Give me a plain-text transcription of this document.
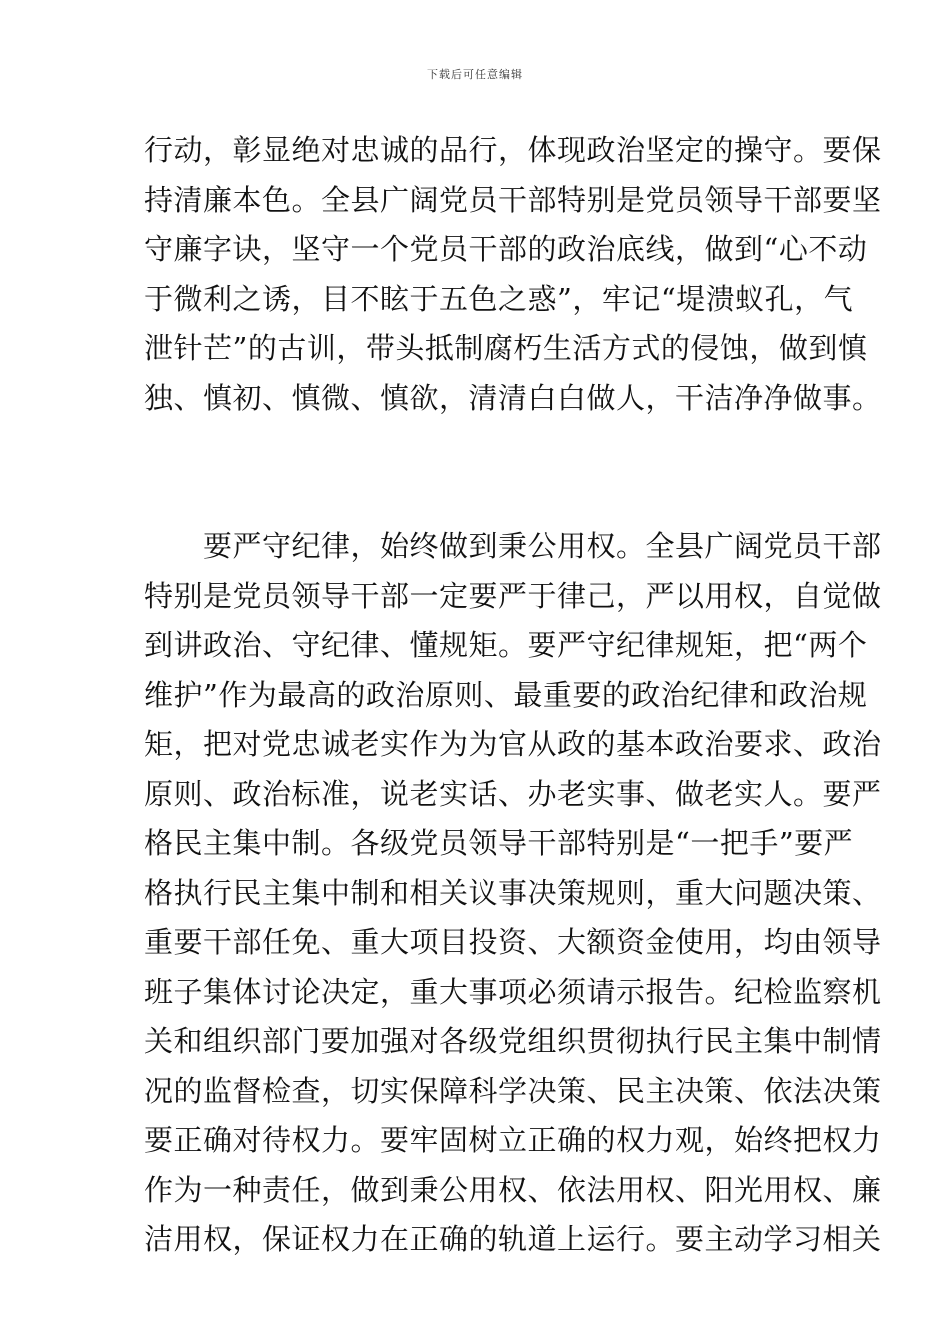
下载后可任意编辑
行动，彰显绝对忠诚的品行，体现政治坚定的操守。要保
持清廉本色。全县广阔党员干部特别是党员领导干部要坚
守廉字诀，坚守一个党员干部的政治底线，做到“心不动
于微利之诱，目不眩于五色之惑”，牢记“堤溃蚁孔，气
泄针芒”的古训，带头抵制腐朽生活方式的侵蚀，做到慎
独、慎初、慎微、慎欲，清清白白做人，干洁净净做事。
　　要严守纪律，始终做到秉公用权。全县广阔党员干部
特别是党员领导干部一定要严于律己，严以用权，自觉做
到讲政治、守纪律、懂规矩。要严守纪律规矩，把“两个
维护”作为最高的政治原则、最重要的政治纪律和政治规
矩，把对党忠诚老实作为为官从政的基本政治要求、政治
原则、政治标准，说老实话、办老实事、做老实人。要严
格民主集中制。各级党员领导干部特别是“一把手”要严
格执行民主集中制和相关议事决策规则，重大问题决策、
重要干部任免、重大项目投资、大额资金使用，均由领导
班子集体讨论决定，重大事项必须请示报告。纪检监察机
关和组织部门要加强对各级党组织贯彻执行民主集中制情
况的监督检查，切实保障科学决策、民主决策、依法决策
要正确对待权力。要牢固树立正确的权力观，始终把权力
作为一种责任，做到秉公用权、依法用权、阳光用权、廉
洁用权，保证权力在正确的轨道上运行。要主动学习相关
